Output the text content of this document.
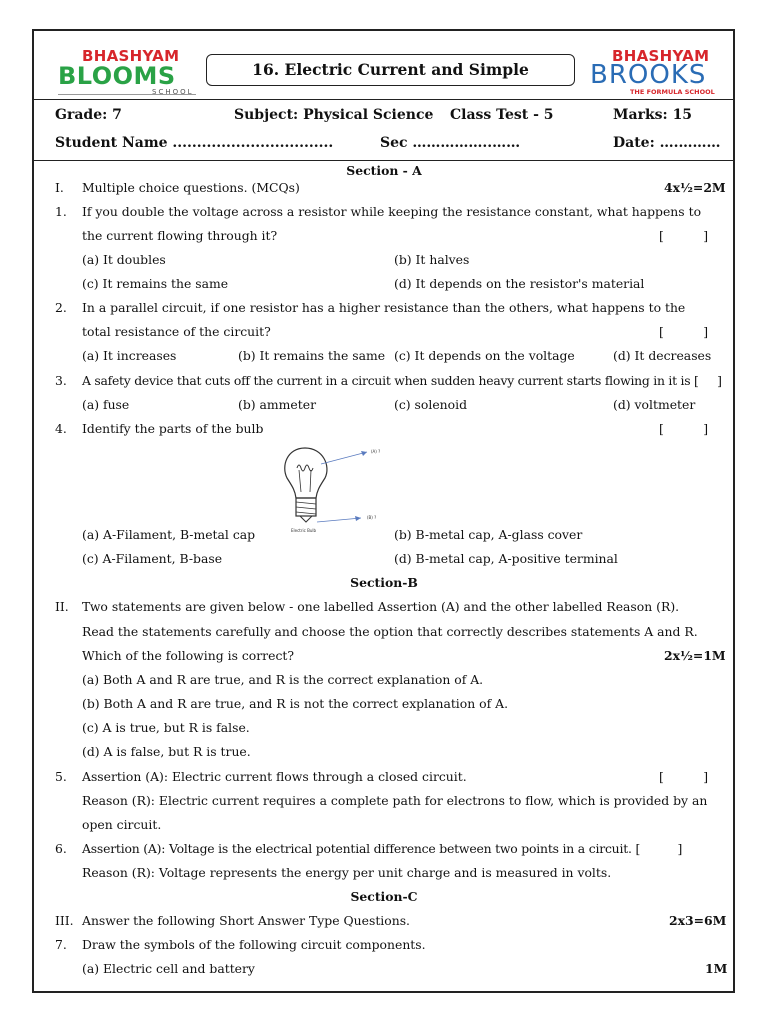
BHASHYAM
BLOOMS
SCHOOL
16. Electric Current and Simple
BHASHYAM
BROOKS
THE FORMULA SCHOOL
Grade: 7	Subject: Physical Science Class Test - 5	Marks: 15
Student Name .................................	Sec ……………..……	Date: ….………
Section - A
I. Multiple choice questions. (MCQs)	4x½=2M
1. If you double the voltage across a resistor while keeping the resistance constant, what happens to
the current flowing through it?	[          ]
(a) It doubles	(b) It halves
(c) It remains the same	(d) It depends on the resistor's material
2. In a parallel circuit, if one resistor has a higher resistance than the others, what happens to the
total resistance of the circuit?	[          ]
(a) It increases	(b) It remains the same (c) It depends on the voltage	(d) It decreases
3. A safety device that cuts off the current in a circuit when sudden heavy current starts flowing in it is [     ]
(a) fuse	(b) ammeter	(c) solenoid	(d) voltmeter
4. Identify the parts of the bulb	[          ]
(A) ?
(B) ?
Electric Bulb
(a) A-Filament, B-metal cap	(b) B-metal cap, A-glass cover
(c) A-Filament, B-base	(d) B-metal cap, A-positive terminal
Section-B
II. Two statements are given below - one labelled Assertion (A) and the other labelled Reason (R).
Read the statements carefully and choose the option that correctly describes statements A and R.
Which of the following is correct?	2x½=1M
(a) Both A and R are true, and R is the correct explanation of A.
(b) Both A and R are true, and R is not the correct explanation of A.
(c) A is true, but R is false.
(d) A is false, but R is true.
5. Assertion (A): Electric current flows through a closed circuit.	[          ]
Reason (R): Electric current requires a complete path for electrons to flow, which is provided by an
open circuit.
6. Assertion (A): Voltage is the electrical potential difference between two points in a circuit. [          ]
Reason (R): Voltage represents the energy per unit charge and is measured in volts.
Section-C
III. Answer the following Short Answer Type Questions.	2x3=6M
7. Draw the symbols of the following circuit components.
(a) Electric cell and battery	1M
